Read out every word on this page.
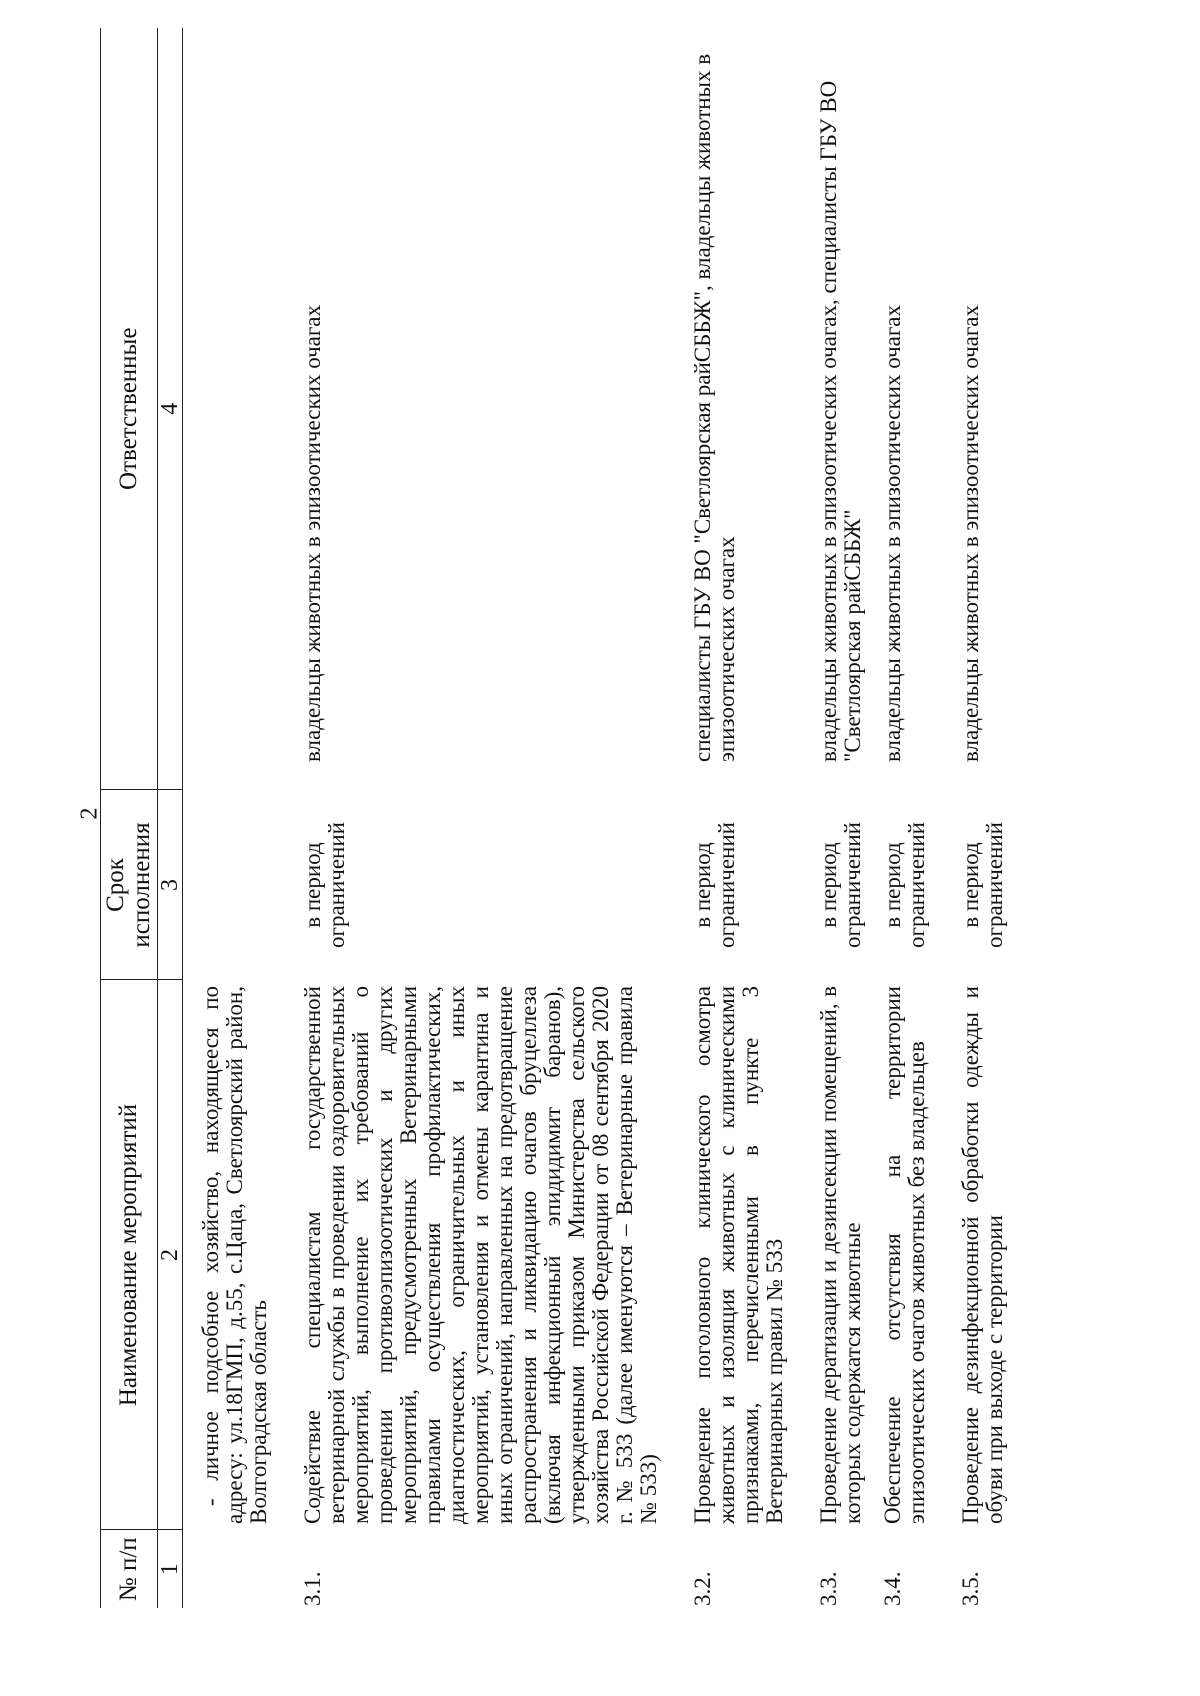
2
№ п/п	Наименование мероприятий	Срок исполнения	Ответственные
1	2	3	4
	- личное подсобное хозяйство, находящееся по адресу: ул.18ГМП, д.55, с.Цаца, Светлоярский район, Волгоградская область		
3.1.	Содействие специалистам государственной ветеринарной службы в проведении оздоровительных мероприятий, выполнение их требований о проведении противоэпизоотических и других мероприятий, предусмотренных Ветеринарными правилами осуществления профилактических, диагностических, ограничительных и иных мероприятий, установления и отмены карантина и иных ограничений, направленных на предотвращение распространения и ликвидацию очагов бруцеллеза (включая инфекционный эпидидимит баранов), утвержденными приказом Министерства сельского хозяйства Российской Федерации от 08 сентября 2020 г. № 533 (далее именуются – Ветеринарные правила № 533)	в период ограничений	владельцы животных в эпизоотических очагах
3.2.	Проведение поголовного клинического осмотра животных и изоляция животных с клиническими признаками, перечисленными в пункте 3 Ветеринарных правил № 533	в период ограничений	специалисты ГБУ ВО "Светлоярская райСББЖ", владельцы животных в эпизоотических очагах
3.3.	Проведение дератизации и дезинсекции помещений, в которых содержатся животные	в период ограничений	владельцы животных в эпизоотических очагах, специалисты ГБУ ВО "Светлоярская райСББЖ"
3.4.	Обеспечение отсутствия на территории эпизоотических очагов животных без владельцев	в период ограничений	владельцы животных в эпизоотических очагах
3.5.	Проведение дезинфекционной обработки одежды и обуви при выходе с территории	в период ограничений	владельцы животных в эпизоотических очагах
